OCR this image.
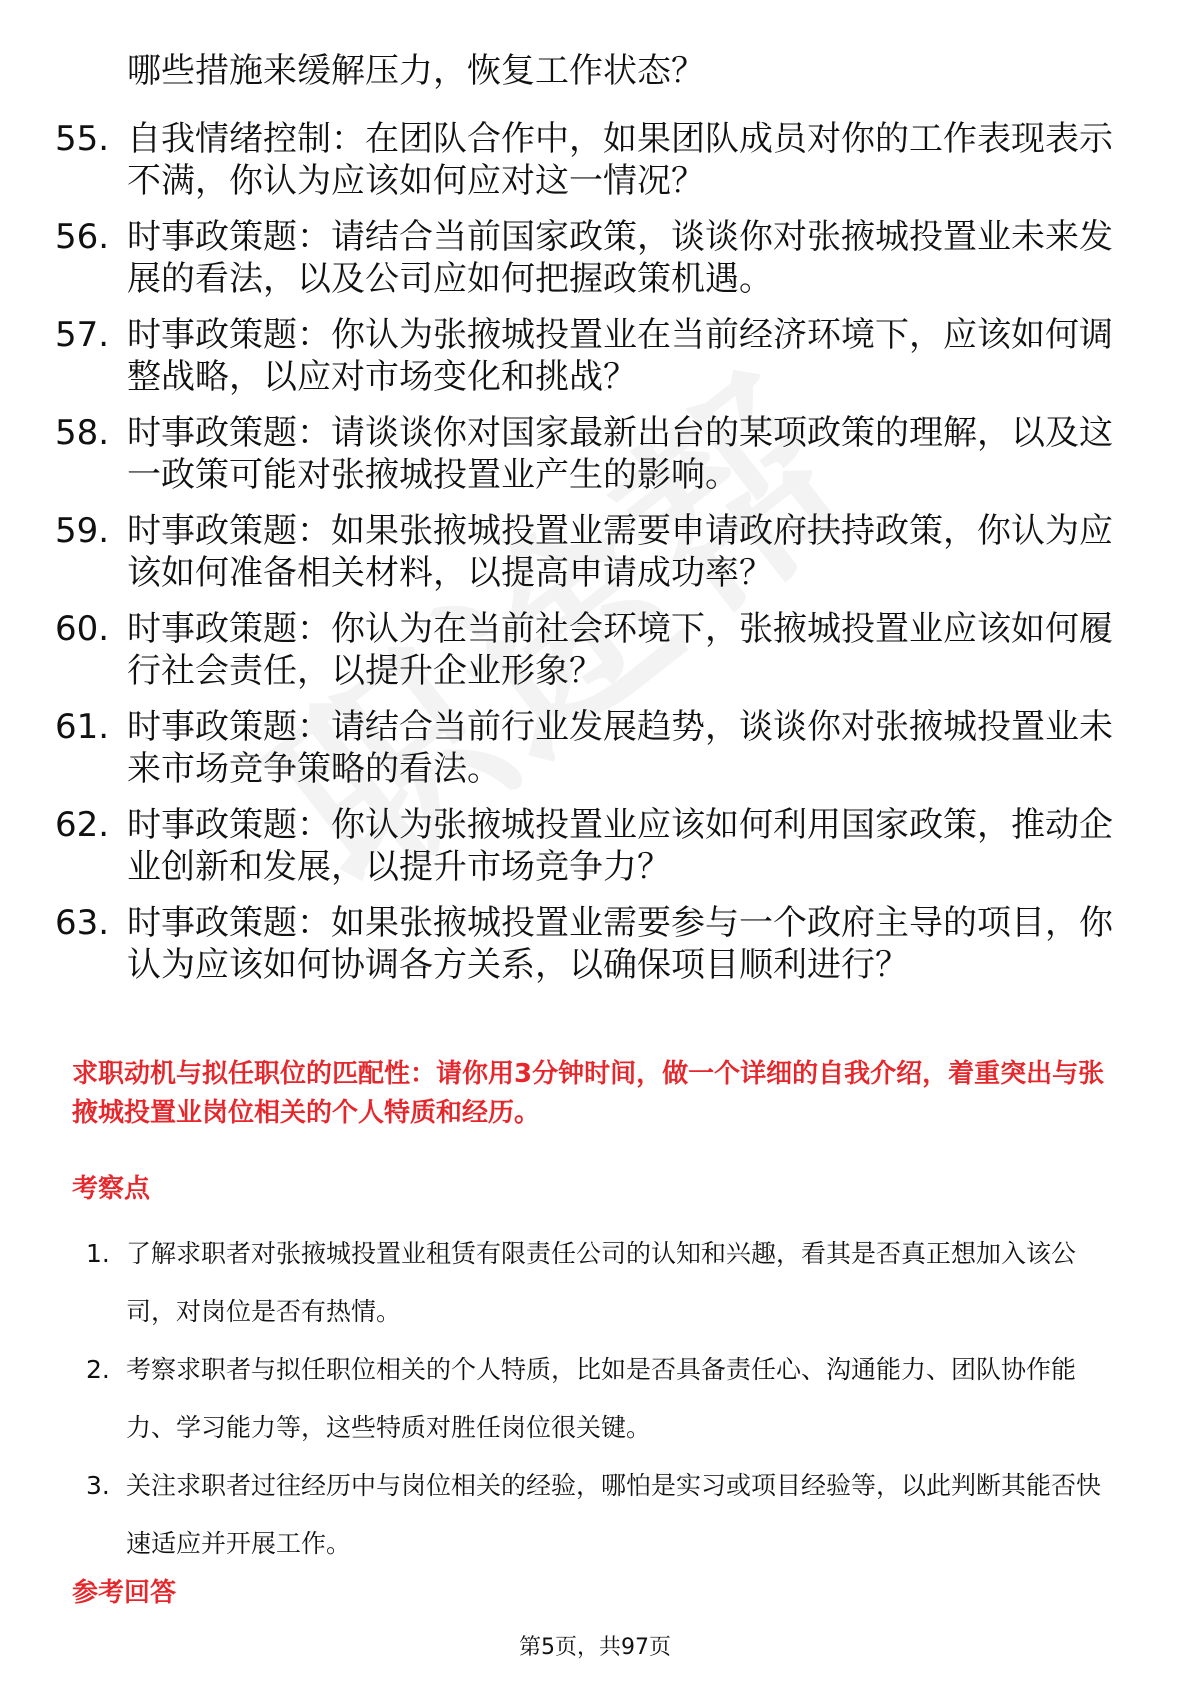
哪些措施来缓解压力，恢复工作状态？
55. 自我情绪控制：在团队合作中，如果团队成员对你的工作表现表示不满，你认为应该如何应对这一情况？
56. 时事政策题：请结合当前国家政策，谈谈你对张掖城投置业未来发展的看法，以及公司应如何把握政策机遇。
57. 时事政策题：你认为张掖城投置业在当前经济环境下，应该如何调整战略，以应对市场变化和挑战？
58. 时事政策题：请谈谈你对国家最新出台的某项政策的理解，以及这一政策可能对张掖城投置业产生的影响。
59. 时事政策题：如果张掖城投置业需要申请政府扶持政策，你认为应该如何准备相关材料，以提高申请成功率？
60. 时事政策题：你认为在当前社会环境下，张掖城投置业应该如何履行社会责任，以提升企业形象？
61. 时事政策题：请结合当前行业发展趋势，谈谈你对张掖城投置业未来市场竞争策略的看法。
62. 时事政策题：你认为张掖城投置业应该如何利用国家政策，推动企业创新和发展，以提升市场竞争力？
63. 时事政策题：如果张掖城投置业需要参与一个政府主导的项目，你认为应该如何协调各方关系，以确保项目顺利进行？
求职动机与拟任职位的匹配性：请你用3分钟时间，做一个详细的自我介绍，着重突出与张掖城投置业岗位相关的个人特质和经历。
考察点
1. 了解求职者对张掖城投置业租赁有限责任公司的认知和兴趣，看其是否真正想加入该公司，对岗位是否有热情。
2. 考察求职者与拟任职位相关的个人特质，比如是否具备责任心、沟通能力、团队协作能力、学习能力等，这些特质对胜任岗位很关键。
3. 关注求职者过往经历中与岗位相关的经验，哪怕是实习或项目经验等，以此判断其能否快速适应并开展工作。
参考回答
第5页，共97页
